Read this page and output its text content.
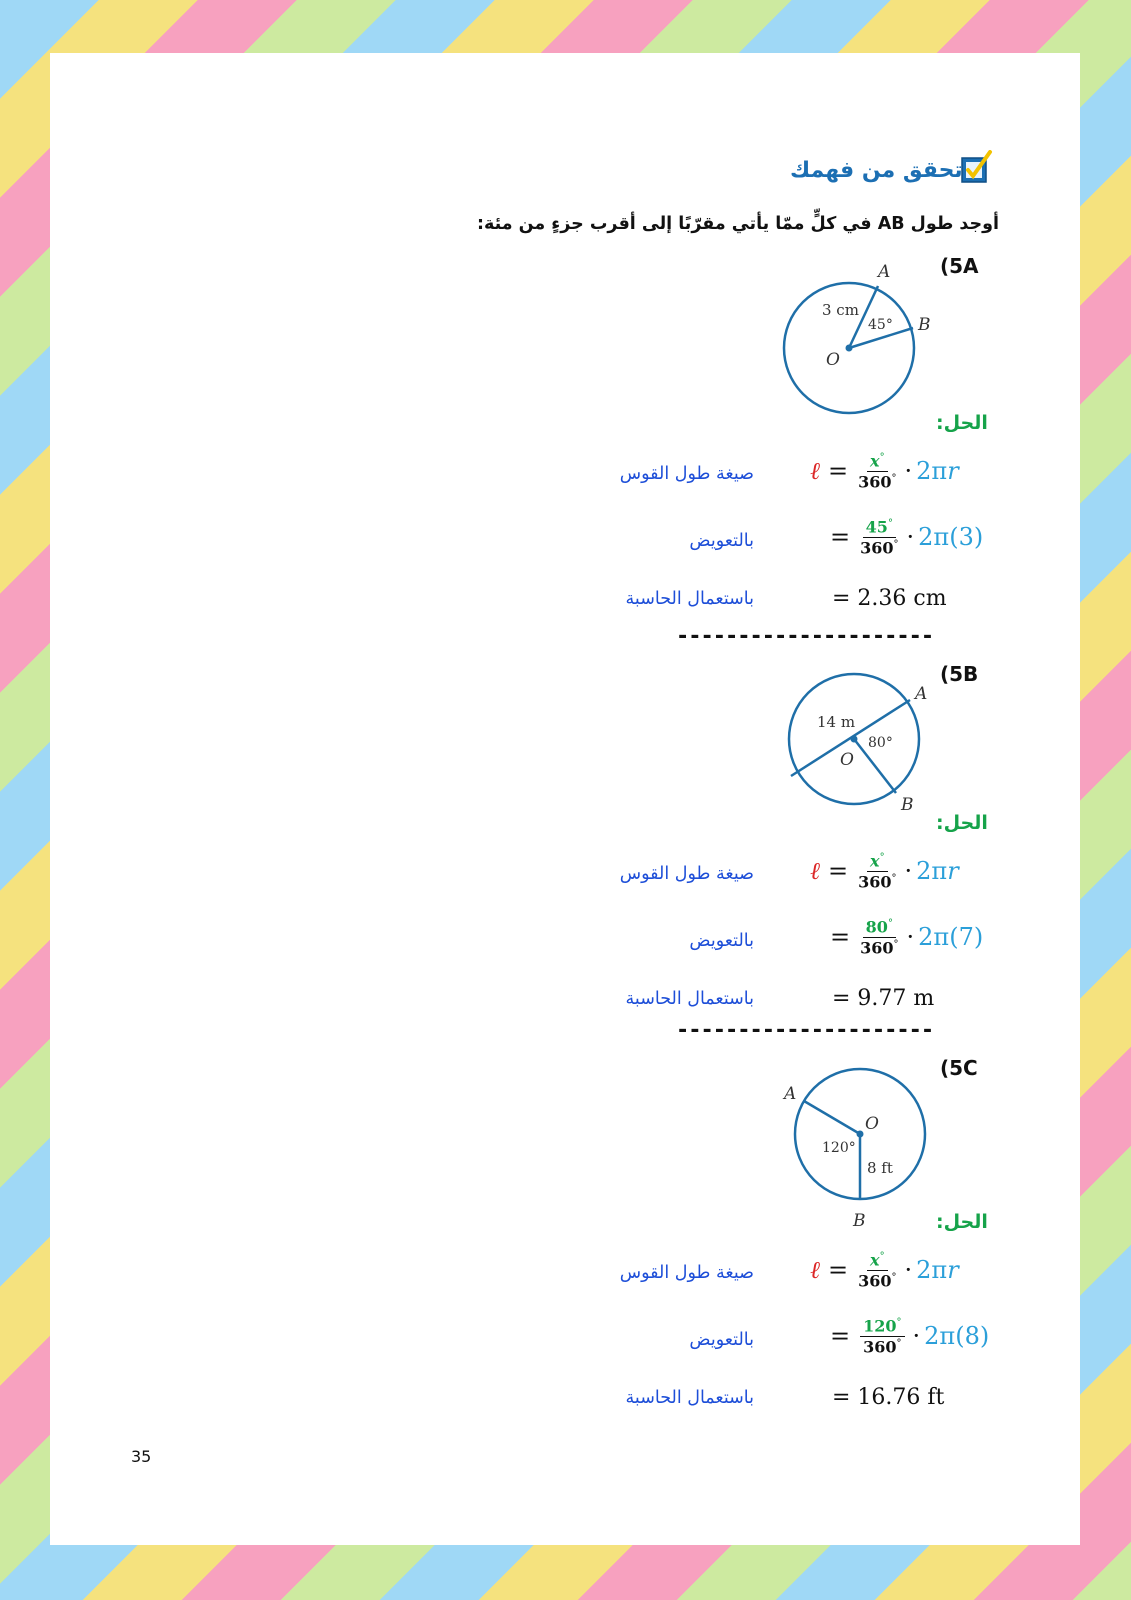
تحقق من فهمك
أوجد طول AB في كلٍّ ممّا يأتي مقرّبًا إلى أقرب جزءٍ من مئة:
(5A
A
B
O
3 cm
45°
الحل:
ℓ = $\frac{x^\circ}{360^\circ} \cdot 2\pi r$
صيغة طول القوس
= $\frac{45^\circ}{360^\circ} \cdot 2\pi(3)$
بالتعويض
= 2.36 cm
باستعمال الحاسبة
---------------------
(5B
A
B
O
14 m
80°
الحل:
ℓ = $\frac{x^\circ}{360^\circ} \cdot 2\pi r$
صيغة طول القوس
= $\frac{80^\circ}{360^\circ} \cdot 2\pi(7)$
بالتعويض
= 9.77 m
باستعمال الحاسبة
---------------------
(5C
A
B
O
8 ft
120°
الحل:
ℓ = $\frac{x^\circ}{360^\circ} \cdot 2\pi r$
صيغة طول القوس
= $\frac{120^\circ}{360^\circ} \cdot 2\pi(8)$
بالتعويض
= 16.76 ft
باستعمال الحاسبة
35
